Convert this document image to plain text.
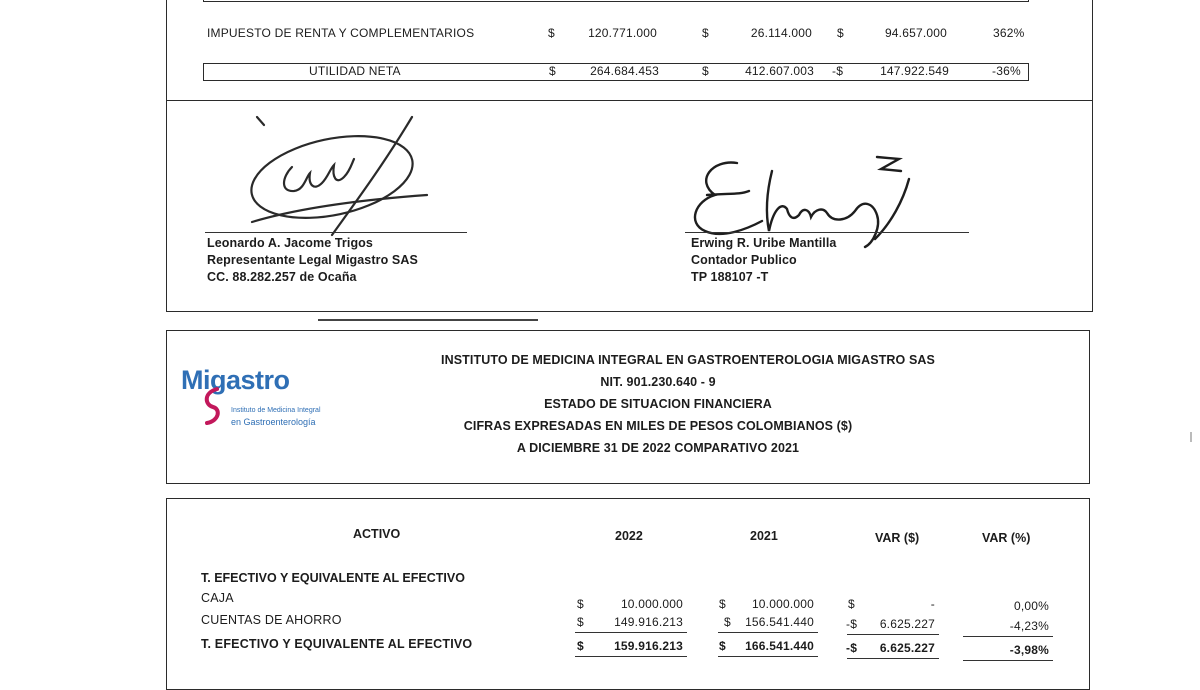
IMPUESTO DE RENTA Y COMPLEMENTARIOS	$	120.771.000	$	26.114.000 $	94.657.000	362%
UTILIDAD NETA	$	264.684.453	$	412.607.003 -$	147.922.549	-36%
Leonardo A. Jacome Trigos
Representante Legal Migastro SAS
CC. 88.282.257 de Ocaña
Erwing R. Uribe Mantilla
Contador Publico
TP 188107 -T
Migastro
Instituto de Medicina Integral
en Gastroenterología
INSTITUTO DE MEDICINA INTEGRAL EN GASTROENTEROLOGIA MIGASTRO SAS
NIT. 901.230.640 - 9
ESTADO DE SITUACION FINANCIERA
CIFRAS EXPRESADAS EN MILES DE PESOS COLOMBIANOS ($)
A DICIEMBRE 31 DE 2022 COMPARATIVO 2021
ACTIVO	2022	2021	VAR ($)	VAR (%)
T. EFECTIVO Y EQUIVALENTE AL EFECTIVO
CAJA	$	10.000.000	$	10.000.000	$	-	0,00%
CUENTAS DE AHORRO	$	149.916.213	$	156.541.440	-$	6.625.227	-4,23%
T. EFECTIVO Y EQUIVALENTE AL EFECTIVO	$	159.916.213	$	166.541.440	-$	6.625.227	-3,98%
